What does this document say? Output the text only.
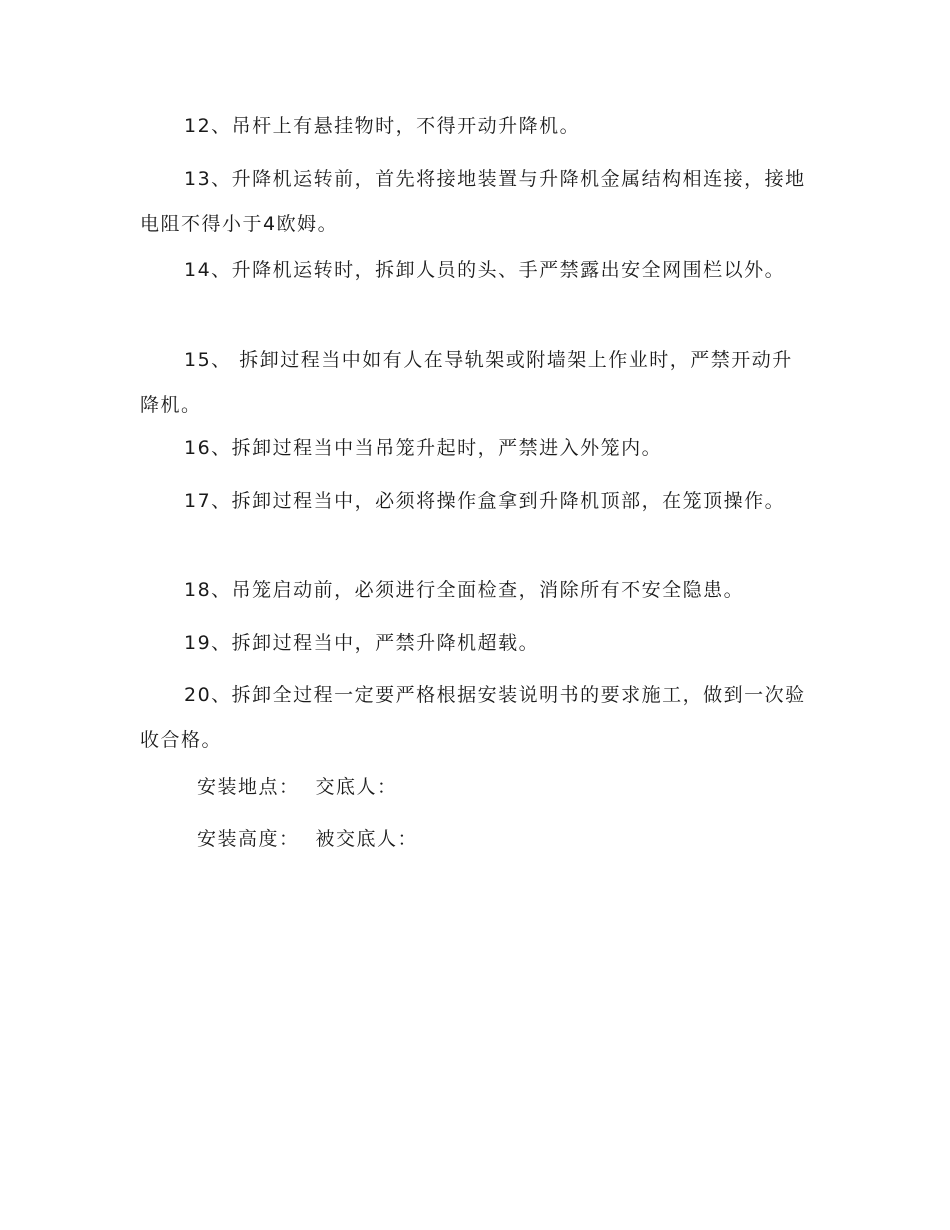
12、吊杆上有悬挂物时，不得开动升降机。

13、升降机运转前，首先将接地装置与升降机金属结构相连接，接地电阻不得小于4欧姆。

14、升降机运转时，拆卸人员的头、手严禁露出安全网围栏以外。

15、 拆卸过程当中如有人在导轨架或附墙架上作业时，严禁开动升降机。

16、拆卸过程当中当吊笼升起时，严禁进入外笼内。

17、拆卸过程当中，必须将操作盒拿到升降机顶部，在笼顶操作。

18、吊笼启动前，必须进行全面检查，消除所有不安全隐患。

19、拆卸过程当中，严禁升降机超载。

20、拆卸全过程一定要严格根据安装说明书的要求施工，做到一次验收合格。

安装地点： 交底人：

安装高度： 被交底人：
